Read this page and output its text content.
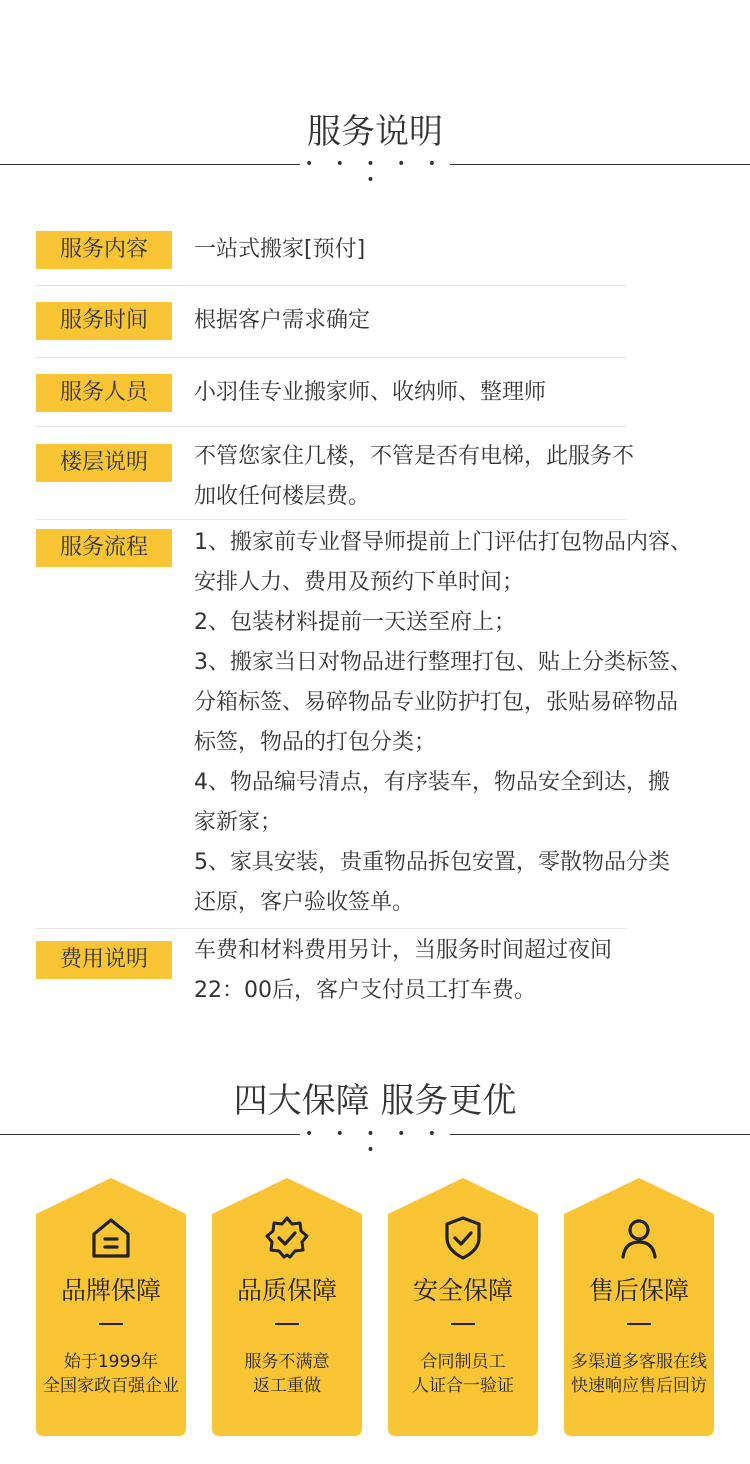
服务说明
• • • • • •
服务内容	一站式搬家[预付]
服务时间	根据客户需求确定
服务人员	小羽佳专业搬家师、收纳师、整理师
楼层说明	不管您家住几楼，不管是否有电梯，此服务不
加收任何楼层费。
服务流程	1、搬家前专业督导师提前上门评估打包物品内容、
安排人力、费用及预约下单时间；
2、包装材料提前一天送至府上；
3、搬家当日对物品进行整理打包、贴上分类标签、
分箱标签、易碎物品专业防护打包，张贴易碎物品
标签，物品的打包分类；
4、物品编号清点，有序装车，物品安全到达，搬
家新家；
5、家具安装，贵重物品拆包安置，零散物品分类
还原，客户验收签单。
费用说明	车费和材料费用另计，当服务时间超过夜间
22：00后，客户支付员工打车费。
四大保障 服务更优
• • • • • •
品牌保障
始于1999年
全国家政百强企业
品质保障
服务不满意
返工重做
安全保障
合同制员工
人证合一验证
售后保障
多渠道多客服在线
快速响应售后回访
